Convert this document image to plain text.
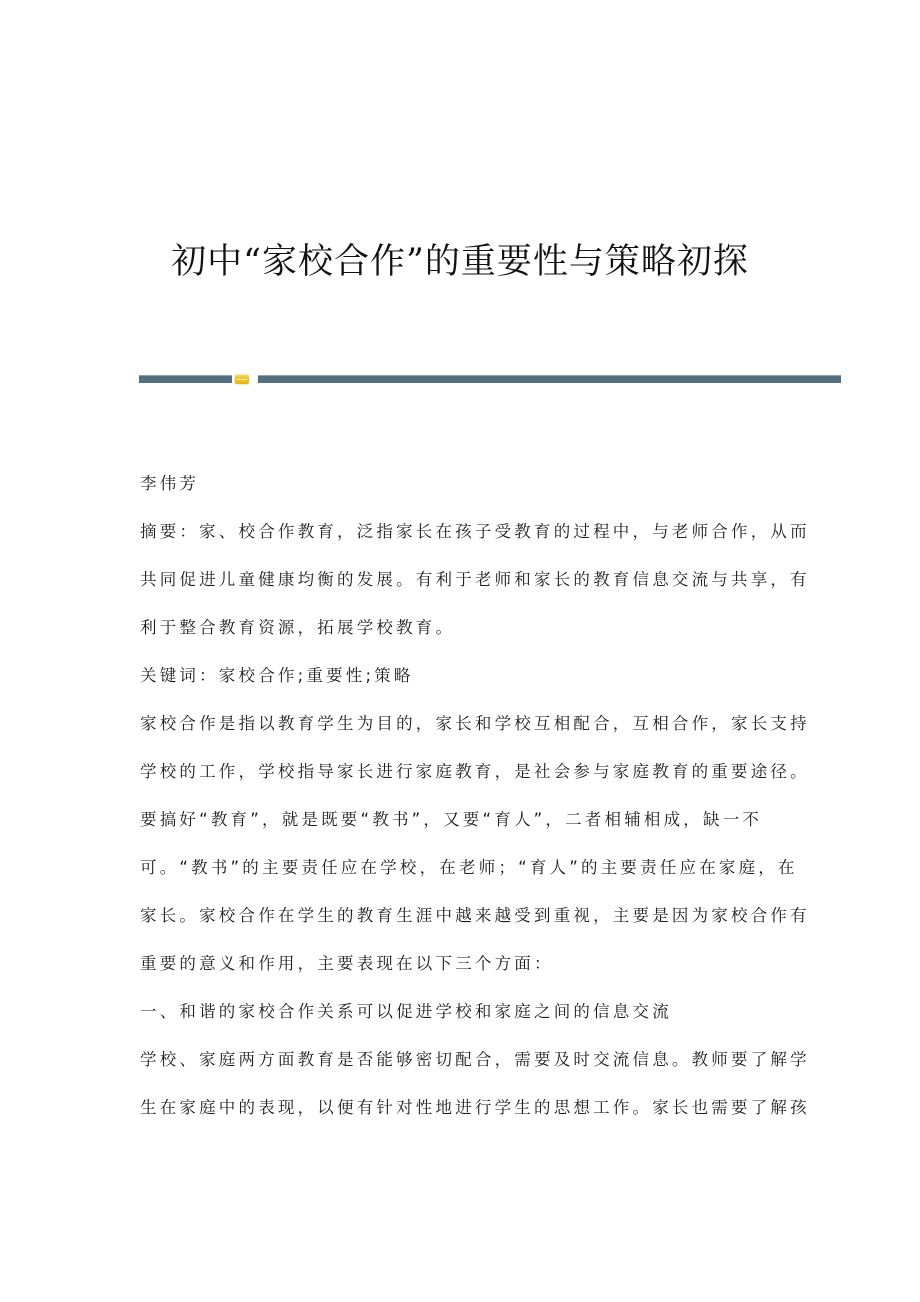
初中“家校合作”的重要性与策略初探
李伟芳
摘要：家、校合作教育，泛指家长在孩子受教育的过程中，与老师合作，从而
共同促进儿童健康均衡的发展。有利于老师和家长的教育信息交流与共享，有
利于整合教育资源，拓展学校教育。
关键词：家校合作;重要性;策略
家校合作是指以教育学生为目的，家长和学校互相配合，互相合作，家长支持
学校的工作，学校指导家长进行家庭教育，是社会参与家庭教育的重要途径。
要搞好“教育”，就是既要“教书”，又要“育人”，二者相辅相成，缺一不
可。“教书”的主要责任应在学校，在老师；“育人”的主要责任应在家庭，在
家长。家校合作在学生的教育生涯中越来越受到重视，主要是因为家校合作有
重要的意义和作用，主要表现在以下三个方面：
一、和谐的家校合作关系可以促进学校和家庭之间的信息交流
学校、家庭两方面教育是否能够密切配合，需要及时交流信息。教师要了解学
生在家庭中的表现，以便有针对性地进行学生的思想工作。家长也需要了解孩
